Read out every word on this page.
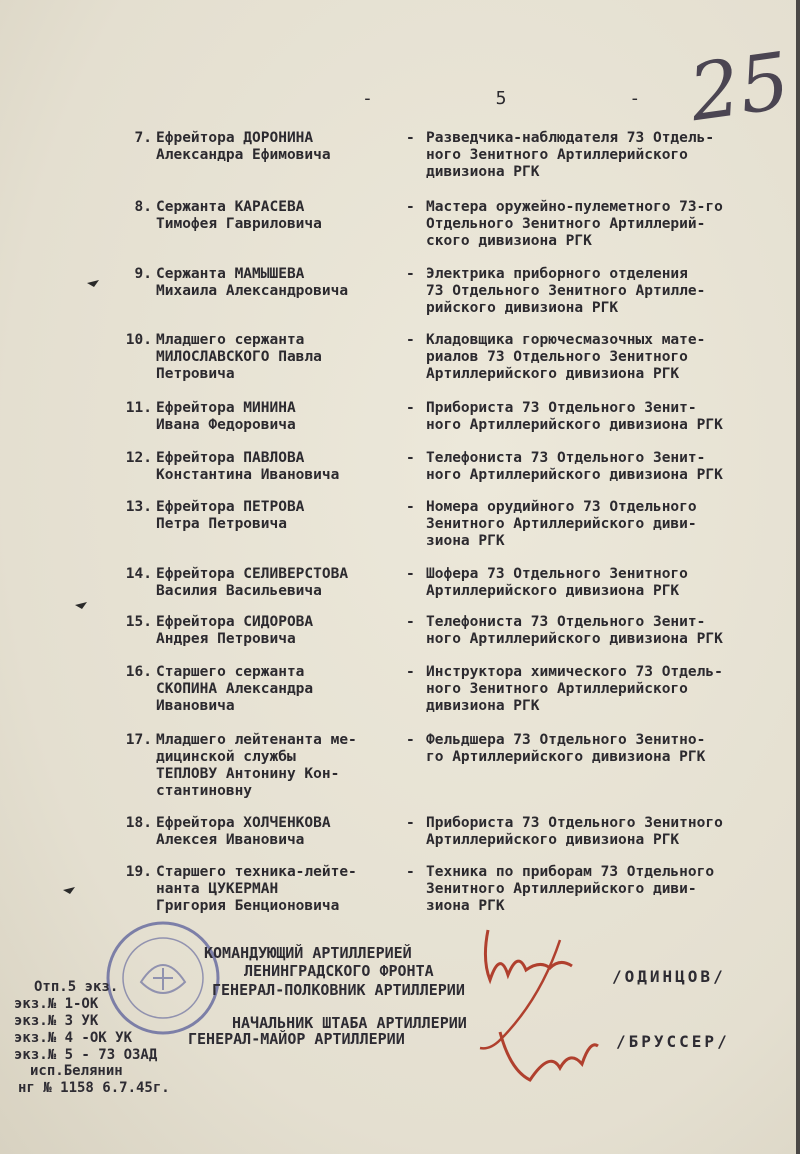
25
- 5 -
7. Ефрейтора ДОРОНИНА
Александра Ефимовича
- Разведчика-наблюдателя 73 Отдель-
ного Зенитного Артиллерийского
дивизиона РГК
8. Сержанта КАРАСЕВА
Тимофея Гавриловича
- Мастера оружейно-пулеметного 73-го
Отдельного Зенитного Артиллерий-
ского дивизиона РГК
9. Сержанта МАМЫШЕВА
Михаила Александровича
- Электрика приборного отделения
73 Отдельного Зенитного Артилле-
рийского дивизиона РГК
10. Младшего сержанта
МИЛОСЛАВСКОГО Павла
Петровича
- Кладовщика горючесмазочных мате-
риалов 73 Отдельного Зенитного
Артиллерийского дивизиона РГК
11. Ефрейтора МИНИНА
Ивана Федоровича
- Прибориста 73 Отдельного Зенит-
ного Артиллерийского дивизиона РГК
12. Ефрейтора ПАВЛОВА
Константина Ивановича
- Телефониста 73 Отдельного Зенит-
ного Артиллерийского дивизиона РГК
13. Ефрейтора ПЕТРОВА
Петра Петровича
- Номера орудийного 73 Отдельного
Зенитного Артиллерийского диви-
зиона РГК
14. Ефрейтора СЕЛИВЕРСТОВА
Василия Васильевича
- Шофера 73 Отдельного Зенитного
Артиллерийского дивизиона РГК
15. Ефрейтора СИДОРОВА
Андрея Петровича
- Телефониста 73 Отдельного Зенит-
ного Артиллерийского дивизиона РГК
16. Старшего сержанта
СКОПИНА Александра
Ивановича
- Инструктора химического 73 Отдель-
ного Зенитного Артиллерийского
дивизиона РГК
17. Младшего лейтенанта ме-
дицинской службы
ТЕПЛОВУ Антонину Кон-
стантиновну
- Фельдшера 73 Отдельного Зенитно-
го Артиллерийского дивизиона РГК
18. Ефрейтора ХОЛЧЕНКОВА
Алексея Ивановича
- Прибориста 73 Отдельного Зенитного
Артиллерийского дивизиона РГК
19. Старшего техника-лейте-
нанта ЦУКЕРМАН
Григория Бенционовича
- Техника по приборам 73 Отдельного
Зенитного Артиллерийского диви-
зиона РГК
КОМАНДУЮЩИЙ АРТИЛЛЕРИЕЙ
ЛЕНИНГРАДСКОГО ФРОНТА
ГЕНЕРАЛ-ПОЛКОВНИК АРТИЛЛЕРИИ
/ОДИНЦОВ/
НАЧАЛЬНИК ШТАБА АРТИЛЛЕРИИ
ГЕНЕРАЛ-МАЙОР АРТИЛЛЕРИИ	/БРУССЕР/
Отп.5 экз.
экз.№ 1-ОК
экз.№ 3 УК
экз.№ 4 -ОК УК
экз.№ 5 - 73 ОЗАД
исп.Белянин
нг № 1158 6.7.45г.
